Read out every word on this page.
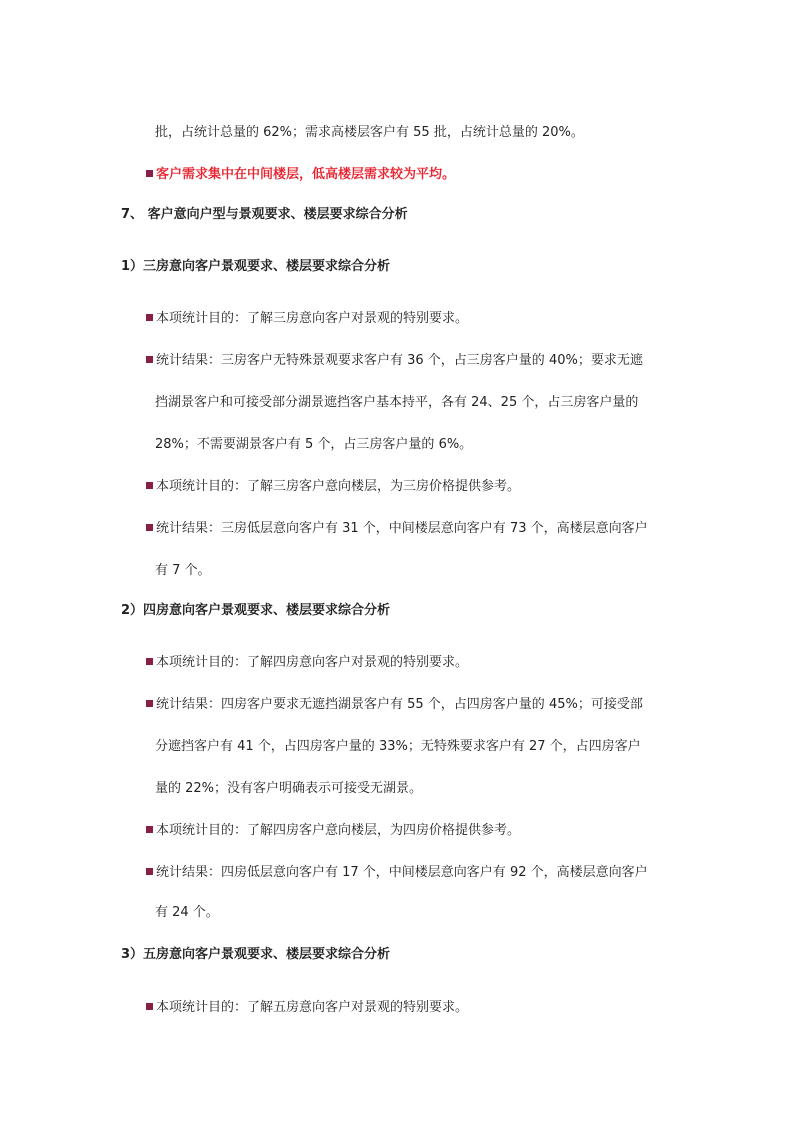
批，占统计总量的 62%；需求高楼层客户有 55 批，占统计总量的 20%。

客户需求集中在中间楼层，低高楼层需求较为平均。

7、 客户意向户型与景观要求、楼层要求综合分析

1）三房意向客户景观要求、楼层要求综合分析

本项统计目的：了解三房意向客户对景观的特别要求。

统计结果：三房客户无特殊景观要求客户有 36 个，占三房客户量的 40%；要求无遮

挡湖景客户和可接受部分湖景遮挡客户基本持平，各有 24、25 个，占三房客户量的

28%；不需要湖景客户有 5 个，占三房客户量的 6%。

本项统计目的：了解三房客户意向楼层，为三房价格提供参考。

统计结果：三房低层意向客户有 31 个，中间楼层意向客户有 73 个，高楼层意向客户

有 7 个。

2）四房意向客户景观要求、楼层要求综合分析

本项统计目的：了解四房意向客户对景观的特别要求。

统计结果：四房客户要求无遮挡湖景客户有 55 个，占四房客户量的 45%；可接受部

分遮挡客户有 41 个，占四房客户量的 33%；无特殊要求客户有 27 个，占四房客户

量的 22%；没有客户明确表示可接受无湖景。

本项统计目的：了解四房客户意向楼层，为四房价格提供参考。

统计结果：四房低层意向客户有 17 个，中间楼层意向客户有 92 个，高楼层意向客户

有 24 个。

3）五房意向客户景观要求、楼层要求综合分析

本项统计目的：了解五房意向客户对景观的特别要求。
